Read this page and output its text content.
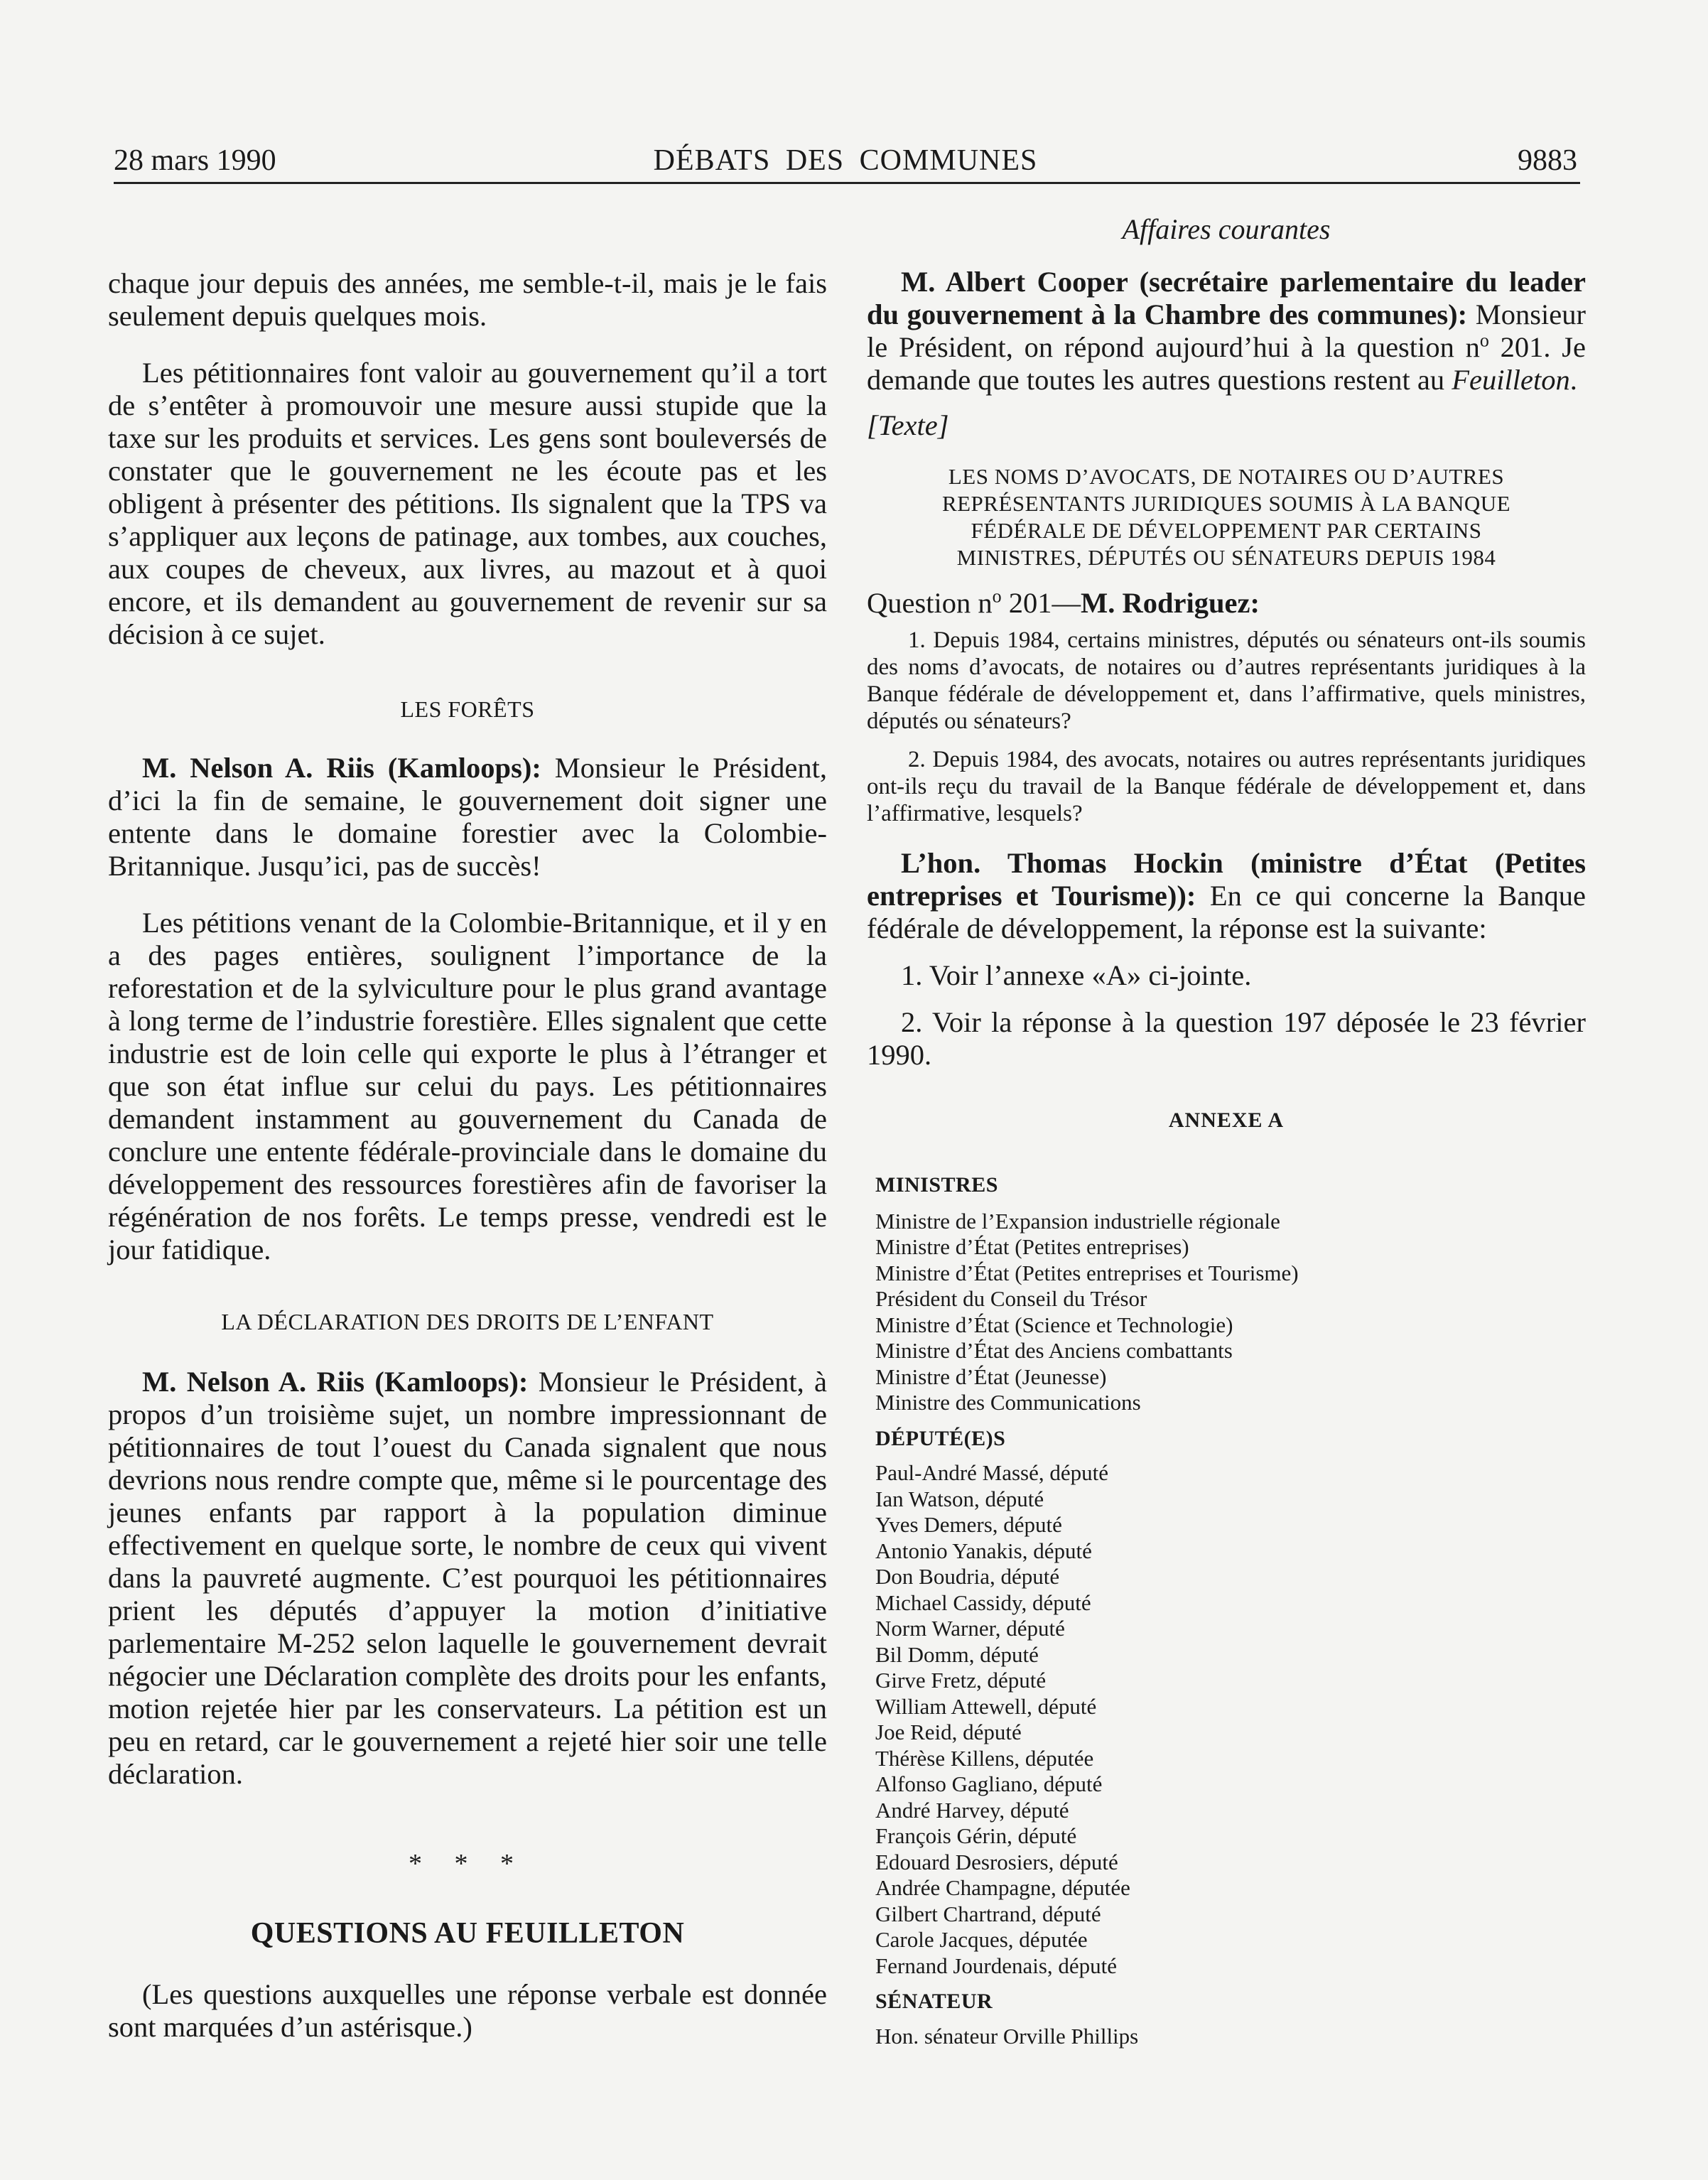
28 mars 1990	DÉBATS DES COMMUNES	9883

chaque jour depuis des années, me semble-t-il, mais je le fais seulement depuis quelques mois.

Les pétitionnaires font valoir au gouvernement qu’il a tort de s’entêter à promouvoir une mesure aussi stupide que la taxe sur les produits et services. Les gens sont bouleversés de constater que le gouvernement ne les écoute pas et les obligent à présenter des pétitions. Ils signalent que la TPS va s’appliquer aux leçons de patinage, aux tombes, aux couches, aux coupes de cheveux, aux livres, au mazout et à quoi encore, et ils demandent au gouvernement de revenir sur sa décision à ce sujet.

LES FORÊTS

M. Nelson A. Riis (Kamloops): Monsieur le Président, d’ici la fin de semaine, le gouvernement doit signer une entente dans le domaine forestier avec la Colombie-Britannique. Jusqu’ici, pas de succès!

Les pétitions venant de la Colombie-Britannique, et il y en a des pages entières, soulignent l’importance de la reforestation et de la sylviculture pour le plus grand avantage à long terme de l’industrie forestière. Elles signalent que cette industrie est de loin celle qui exporte le plus à l’étranger et que son état influe sur celui du pays. Les pétitionnaires demandent instamment au gouvernement du Canada de conclure une entente fédérale-provinciale dans le domaine du développement des ressources forestières afin de favoriser la régénération de nos forêts. Le temps presse, vendredi est le jour fatidique.

LA DÉCLARATION DES DROITS DE L’ENFANT

M. Nelson A. Riis (Kamloops): Monsieur le Président, à propos d’un troisième sujet, un nombre impressionnant de pétitionnaires de tout l’ouest du Canada signalent que nous devrions nous rendre compte que, même si le pourcentage des jeunes enfants par rapport à la population diminue effectivement en quelque sorte, le nombre de ceux qui vivent dans la pauvreté augmente. C’est pourquoi les pétitionnaires prient les députés d’appuyer la motion d’initiative parlementaire M-252 selon laquelle le gouvernement devrait négocier une Déclaration complète des droits pour les enfants, motion rejetée hier par les conservateurs. La pétition est un peu en retard, car le gouvernement a rejeté hier soir une telle déclaration.

* * *
QUESTIONS AU FEUILLETON

(Les questions auxquelles une réponse verbale est donnée sont marquées d’un astérisque.)

Affaires courantes

M. Albert Cooper (secrétaire parlementaire du leader du gouvernement à la Chambre des communes): Monsieur le Président, on répond aujourd’hui à la question $n^o$ 201. Je demande que toutes les autres questions restent au Feuilleton.

[Texte]

LES NOMS D’AVOCATS, DE NOTAIRES OU D’AUTRES
REPRÉSENTANTS JURIDIQUES SOUMIS À LA BANQUE
FÉDÉRALE DE DÉVELOPPEMENT PAR CERTAINS
MINISTRES, DÉPUTÉS OU SÉNATEURS DEPUIS 1984

Question $n^o$ 201—M. Rodriguez:

1. Depuis 1984, certains ministres, députés ou sénateurs ont-ils soumis des noms d’avocats, de notaires ou d’autres représentants juridiques à la Banque fédérale de développement et, dans l’affirmative, quels ministres, députés ou sénateurs?

2. Depuis 1984, des avocats, notaires ou autres représentants juridiques ont-ils reçu du travail de la Banque fédérale de développement et, dans l’affirmative, lesquels?

L’hon. Thomas Hockin (ministre d’État (Petites entreprises et Tourisme)): En ce qui concerne la Banque fédérale de développement, la réponse est la suivante:

1. Voir l’annexe «A» ci-jointe.

2. Voir la réponse à la question 197 déposée le 23 février 1990.

ANNEXE A
MINISTRES
Ministre de l’Expansion industrielle régionale
Ministre d’État (Petites entreprises)
Ministre d’État (Petites entreprises et Tourisme)
Président du Conseil du Trésor
Ministre d’État (Science et Technologie)
Ministre d’État des Anciens combattants
Ministre d’État (Jeunesse)
Ministre des Communications
DÉPUTÉ(E)S
Paul-André Massé, député
Ian Watson, député
Yves Demers, député
Antonio Yanakis, député
Don Boudria, député
Michael Cassidy, député
Norm Warner, député
Bil Domm, député
Girve Fretz, député
William Attewell, député
Joe Reid, député
Thérèse Killens, députée
Alfonso Gagliano, député
André Harvey, député
François Gérin, député
Edouard Desrosiers, député
Andrée Champagne, députée
Gilbert Chartrand, député
Carole Jacques, députée
Fernand Jourdenais, député
SÉNATEUR
Hon. sénateur Orville Phillips
